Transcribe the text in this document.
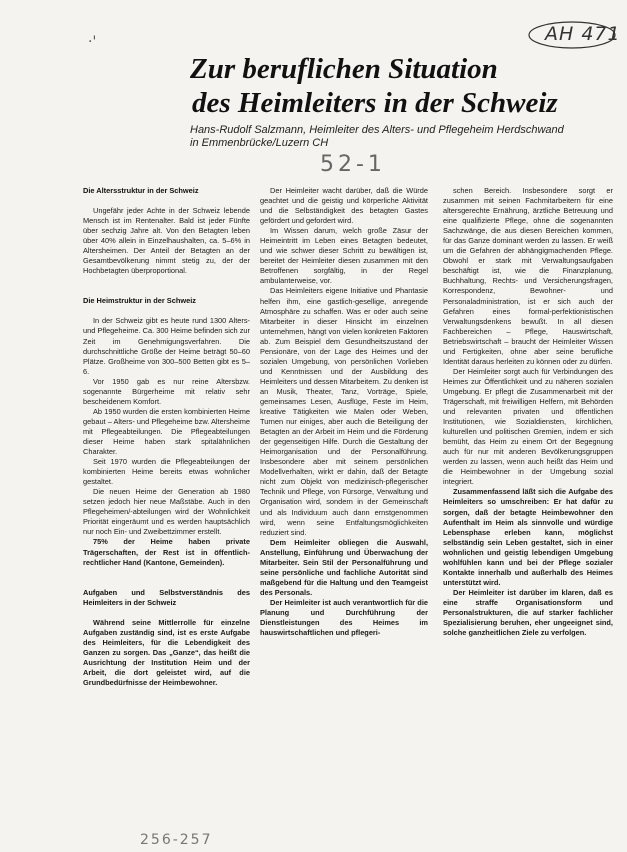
AH 471
·'
Zur beruflichen Situation
des Heimleiters in der Schweiz
Hans-Rudolf Salzmann, Heimleiter des Alters- und Pflegeheim Herdschwand
in Emmenbrücke/Luzern CH
52-1
Die Altersstruktur in der Schweiz

Ungefähr jeder Achte in der Schweiz lebende Mensch ist im Rentenalter. Bald ist jeder Fünfte über sechzig Jahre alt. Von den Betagten leben über 40% allein in Einzelhaushalten, ca. 5–6% in Altersheimen. Der Anteil der Betagten an der Gesamtbevölkerung nimmt stetig zu, der der Hochbetagten überproportional.

Die Heimstruktur in der Schweiz

In der Schweiz gibt es heute rund 1300 Alters- und Pflegeheime. Ca. 300 Heime befinden sich zur Zeit im Genehmigungsverfahren. Die durchschnittliche Größe der Heime beträgt 50–60 Plätze. Großheime von 300–500 Betten gibt es 5–6.

Vor 1950 gab es nur reine Altersbzw. sogenannte Bürgerheime mit relativ sehr bescheidenem Komfort.

Ab 1950 wurden die ersten kombinierten Heime gebaut – Alters- und Pflegeheime bzw. Altersheime mit Pflegeabteilungen. Die Pflegeabteilungen dieser Heime haben stark spitalähnlichen Charakter.

Seit 1970 wurden die Pflegeabteilungen der kombinierten Heime bereits etwas wohnlicher gestaltet.

Die neuen Heime der Generation ab 1980 setzen jedoch hier neue Maßstäbe. Auch in den Pflegeheimen/-abteilungen wird der Wohnlichkeit Priorität eingeräumt und es werden hauptsächlich nur noch Ein- und Zweibettzimmer erstellt.

75% der Heime haben private Trägerschaften, der Rest ist in öffentlich-rechtlicher Hand (Kantone, Gemeinden).

Aufgaben und Selbstverständnis des Heimleiters in der Schweiz

Während seine Mittlerrolle für einzelne Aufgaben zuständig sind, ist es erste Aufgabe des Heimleiters, für die Lebendigkeit des Ganzen zu sorgen. Das „Ganze“, das heißt die Ausrichtung der Institution Heim und der Arbeit, die dort geleistet wird, auf die Grundbedürfnisse der Heimbewohner.

Der Heimleiter wacht darüber, daß die Würde geachtet und die geistig und körperliche Aktivität und die Selbständigkeit des betagten Gastes gefördert und gefordert wird.

Im Wissen darum, welch große Zäsur der Heimeintritt im Leben eines Betagten bedeutet, und wie schwer dieser Schritt zu bewältigen ist, bereitet der Heimleiter diesen zusammen mit den Betroffenen sorgfältig, in der Regel ambulanterweise, vor.

Das Heimleiters eigene Initiative und Phantasie helfen ihm, eine gastlich-gesellige, anregende Atmosphäre zu schaffen. Was er oder auch seine Mitarbeiter in dieser Hinsicht im einzelnen unternehmen, hängt von vielen konkreten Faktoren ab. Zum Beispiel dem Gesundheitszustand der Pensionäre, von der Lage des Heimes und der sozialen Umgebung, von persönlichen Vorlieben und Kenntnissen und der Ausbildung des Heimleiters und dessen Mitarbeitern. Zu denken ist an Musik, Theater, Tanz, Vorträge, Spiele, gemeinsames Lesen, Ausflüge, Feste im Heim, kreative Tätigkeiten wie Malen oder Weben, Turnen nur einiges, aber auch die Beteiligung der Betagten an der Arbeit im Heim und die Förderung der gegenseitigen Hilfe. Durch die Gestaltung der Heimorganisation und der Personalführung. Insbesondere aber mit seinem persönlichen Modellverhalten, wirkt er dahin, daß der Betagte nicht zum Objekt von medizinisch-pflegerischer Technik und Pflege, von Fürsorge, Verwaltung und Organisation wird, sondern in der Gemeinschaft und als Individuum auch dann ernstgenommen wird, wenn seine Entfaltungsmöglichkeiten reduziert sind.

Dem Heimleiter obliegen die Auswahl, Anstellung, Einführung und Überwachung der Mitarbeiter. Sein Stil der Personalführung und seine persönliche und fachliche Autorität sind maßgebend für die Haltung und den Teamgeist des Personals.

Der Heimleiter ist auch verantwortlich für die Planung und Durchführung der Dienstleistungen des Heimes im hauswirtschaftlichen und pflegeri-

schen Bereich. Insbesondere sorgt er zusammen mit seinen Fachmitarbeitern für eine altersgerechte Ernährung, ärztliche Betreuung und eine qualifizierte Pflege, ohne die sogenannten Sachzwänge, die aus diesen Bereichen kommen, für das Ganze dominant werden zu lassen. Er weiß um die Gefahren der abhängigmachenden Pflege. Obwohl er stark mit Verwaltungsaufgaben beschäftigt ist, wie die Finanzplanung, Buchhaltung, Rechts- und Versicherungsfragen, Korrespondenz, Bewohner- und Personaladministration, ist er sich auch der Gefahren eines formal-perfektionistischen Verwaltungsdenkens bewußt. In all diesen Fachbereichen – Pflege, Hauswirtschaft, Betriebswirtschaft – braucht der Heimleiter Wissen und Fertigkeiten, ohne aber seine berufliche Identität daraus herleiten zu können oder zu dürfen.

Der Heimleiter sorgt auch für Verbindungen des Heimes zur Öffentlichkeit und zu näheren sozialen Umgebung. Er pflegt die Zusammenarbeit mit der Trägerschaft, mit freiwilligen Helfern, mit Behörden und relevanten privaten und öffentlichen Institutionen, wie Sozialdiensten, kirchlichen, kulturellen und politischen Gremien, indem er sich bemüht, das Heim zu einem Ort der Begegnung auch für nur mit anderen Bevölkerungsgruppen werden zu lassen, wenn auch heißt das Heim und die Heimbewohner in der Umgebung sozial integriert.

Zusammenfassend läßt sich die Aufgabe des Heimleiters so umschreiben: Er hat dafür zu sorgen, daß der betagte Heimbewohner den Aufenthalt im Heim als sinnvolle und würdige Lebensphase erleben kann, möglichst selbständig sein Leben gestaltet, sich in einer wohnlichen und geistig lebendigen Umgebung wohlfühlen kann und bei der Pflege sozialer Kontakte innerhalb und außerhalb des Heimes unterstützt wird.

Der Heimleiter ist darüber im klaren, daß es eine straffe Organisationsform und Personalstrukturen, die auf starker fachlicher Spezialisierung beruhen, eher ungeeignet sind, solche ganzheitlichen Ziele zu verfolgen.

256-257
